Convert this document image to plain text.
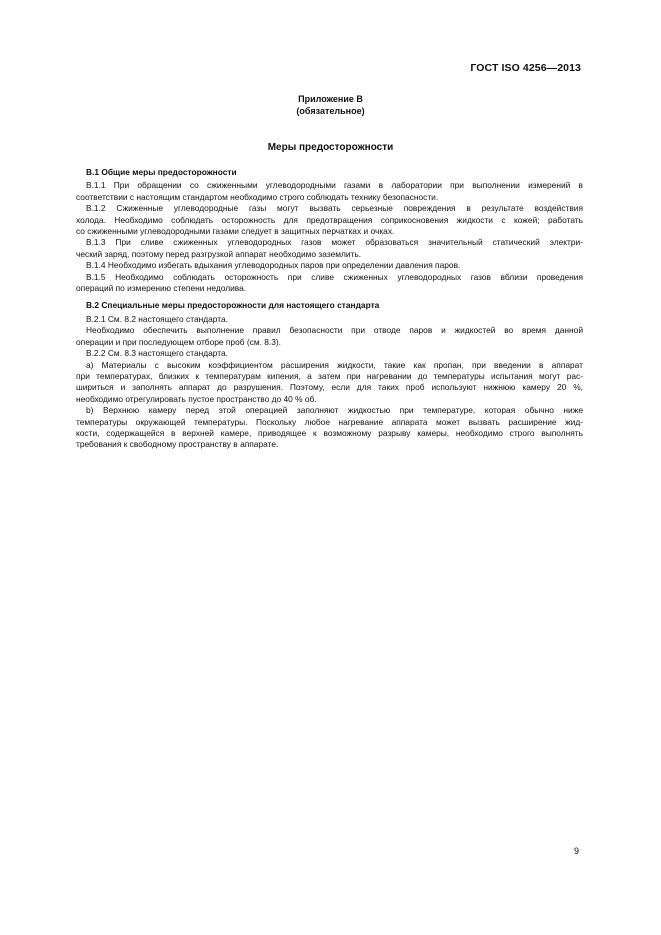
ГОСТ ISO 4256—2013
Приложение В
(обязательное)
Меры предосторожности
В.1 Общие меры предосторожности
В.1.1 При обращении со сжиженными углеводородными газами в лаборатории при выполнении измерений в
соответствии с настоящим стандартом необходимо строго соблюдать технику безопасности.
В.1.2 Сжиженные углеводородные газы могут вызвать серьезные повреждения в результате воздействия
холода. Необходимо соблюдать осторожность для предотвращения соприкосновения жидкости с кожей; работать
со сжиженными углеводородными газами следует в защитных перчатках и очках.
В.1.3 При сливе сжиженных углеводородных газов может образоваться значительный статический электри-
ческий заряд, поэтому перед разгрузкой аппарат необходимо заземлить.
В.1.4 Необходимо избегать вдыхания углеводородных паров при определении давления паров.
В.1.5 Необходимо соблюдать осторожность при сливе сжиженных углеводородных газов вблизи проведения
операций по измерению степени недолива.
В.2 Специальные меры предосторожности для настоящего стандарта
В.2.1 См. 8.2 настоящего стандарта.
Необходимо обеспечить выполнение правил безопасности при отводе паров и жидкостей во время данной
операции и при последующем отборе проб (см. 8.3).
В.2.2 См. 8.3 настоящего стандарта.
a) Материалы с высоким коэффициентом расширения жидкости, такие как пропан, при введении в аппарат
при температурах, близких к температурам кипения, а затем при нагревании до температуры испытания могут рас-
шириться и заполнять аппарат до разрушения. Поэтому, если для таких проб используют нижнюю камеру 20 %,
необходимо отрегулировать пустое пространство до 40 % об.
b) Верхнюю камеру перед этой операцией заполняют жидкостью при температуре, которая обычно ниже
температуры окружающей температуры. Поскольку любое нагревание аппарата может вызвать расширение жид-
кости, содержащейся в верхней камере, приводящее к возможному разрыву камеры, необходимо строго выполнять
требования к свободному пространству в аппарате.
9
